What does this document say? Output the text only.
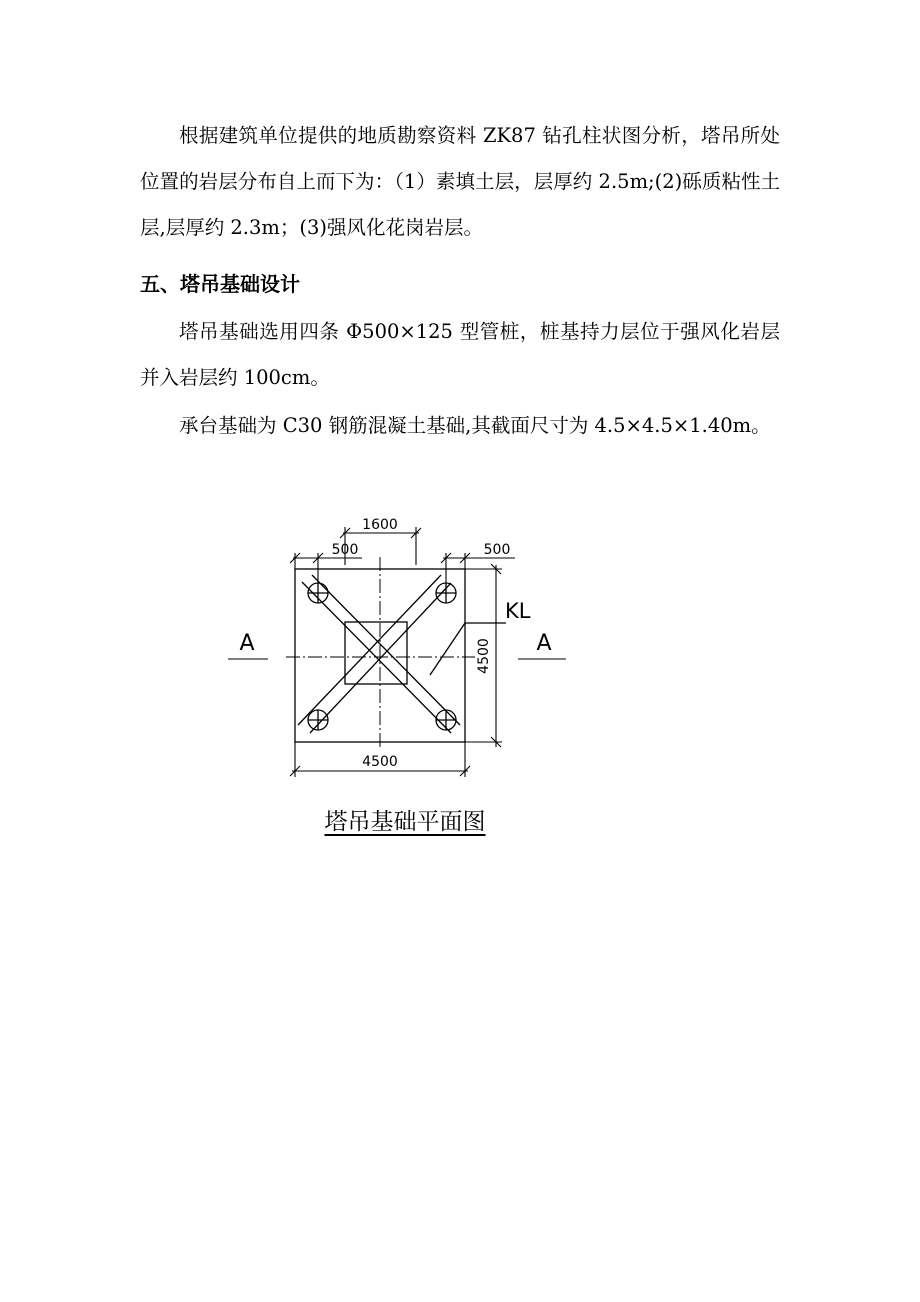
根据建筑单位提供的地质勘察资料 ZK87 钻孔柱状图分析，塔吊所处位置的岩层分布自上而下为：（1）素填土层，层厚约 2.5m;(2)砾质粘性土层,层厚约 2.3m；(3)强风化花岗岩层。

五、塔吊基础设计

塔吊基础选用四条 Φ500×125 型管桩，桩基持力层位于强风化岩层并入岩层约 100cm。

承台基础为 C30 钢筋混凝土基础,其截面尺寸为 4.5×4.5×1.40m。

1600
500	500
4500
4500
KL
A	A

塔吊基础平面图
